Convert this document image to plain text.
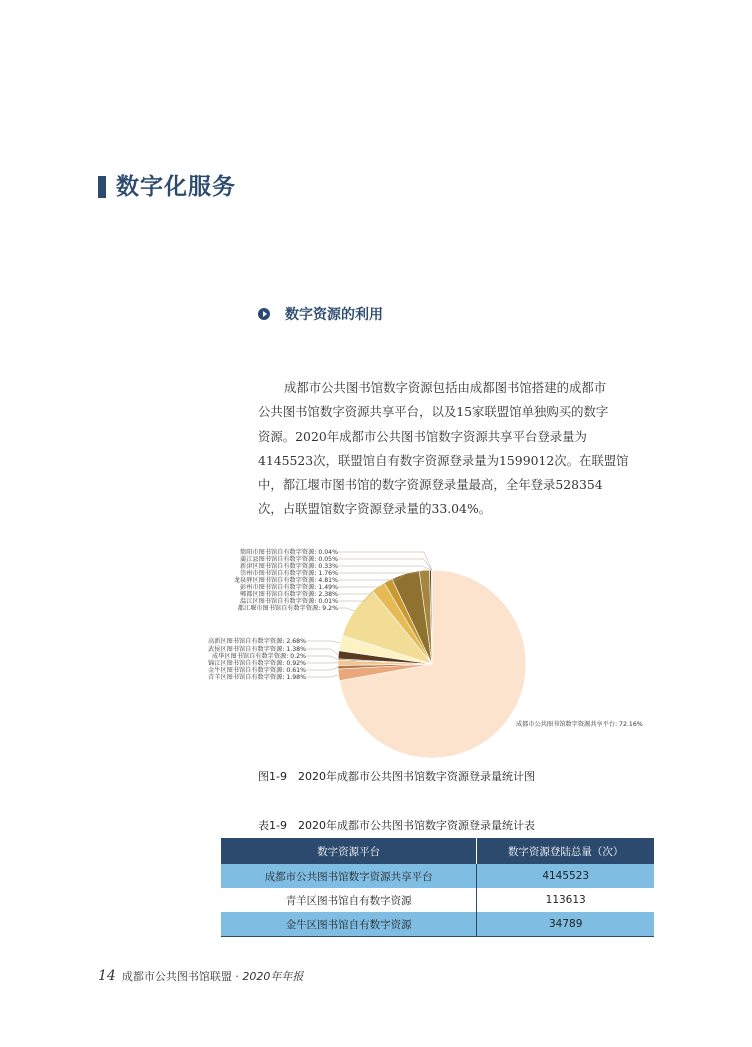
数字化服务
数字资源的利用
成都市公共图书馆数字资源包括由成都图书馆搭建的成都市
公共图书馆数字资源共享平台，以及15家联盟馆单独购买的数字
资源。2020年成都市公共图书馆数字资源共享平台登录量为
4145523次，联盟馆自有数字资源登录量为1599012次。在联盟馆
中，都江堰市图书馆的数字资源登录量最高，全年登录528354
次，占联盟馆数字资源登录量的33.04%。
成都市公共图书馆数字资源共享平台: 72.16%
青羊区图书馆自有数字资源: 1.98%
金牛区图书馆自有数字资源: 0.61%
锦江区图书馆自有数字资源: 0.92%
成华区图书馆自有数字资源: 0.2%
武侯区图书馆自有数字资源: 1.38%
高新区图书馆自有数字资源: 2.68%
都江堰市图书馆自有数字资源: 9.2%
温江区图书馆自有数字资源: 0.01%
郫都区图书馆自有数字资源: 2.38%
彭州市图书馆自有数字资源: 1.49%
龙泉驿区图书馆自有数字资源: 4.81%
崇州市图书馆自有数字资源: 1.76%
新津区图书馆自有数字资源: 0.33%
蒲江县图书馆自有数字资源: 0.05%
简阳市图书馆自有数字资源: 0.04%
图1-9　2020年成都市公共图书馆数字资源登录量统计图
表1-9　2020年成都市公共图书馆数字资源登录量统计表
数字资源平台	数字资源登陆总量（次）
成都市公共图书馆数字资源共享平台	4145523
青羊区图书馆自有数字资源	113613
金牛区图书馆自有数字资源	34789
14 成都市公共图书馆联盟 · 2020年年报
